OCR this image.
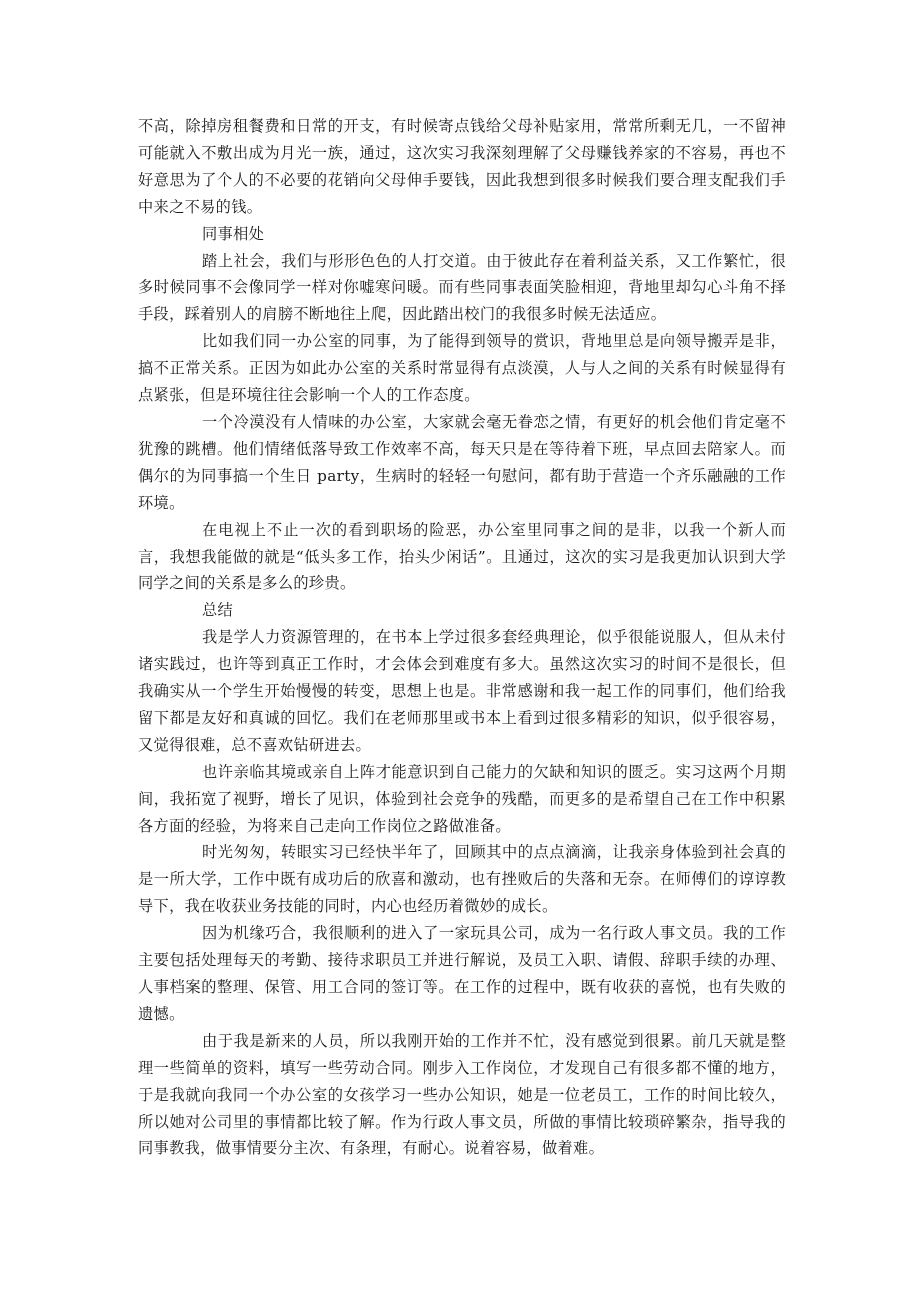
不高，除掉房租餐费和日常的开支，有时候寄点钱给父母补贴家用，常常所剩无几，一不留神可能就入不敷出成为月光一族，通过，这次实习我深刻理解了父母赚钱养家的不容易，再也不好意思为了个人的不必要的花销向父母伸手要钱，因此我想到很多时候我们要合理支配我们手中来之不易的钱。

同事相处

踏上社会，我们与形形色色的人打交道。由于彼此存在着利益关系，又工作繁忙，很多时候同事不会像同学一样对你嘘寒问暖。而有些同事表面笑脸相迎，背地里却勾心斗角不择手段，踩着别人的肩膀不断地往上爬，因此踏出校门的我很多时候无法适应。

比如我们同一办公室的同事，为了能得到领导的赏识，背地里总是向领导搬弄是非，搞不正常关系。正因为如此办公室的关系时常显得有点淡漠，人与人之间的关系有时候显得有点紧张，但是环境往往会影响一个人的工作态度。

一个冷漠没有人情味的办公室，大家就会毫无眷恋之情，有更好的机会他们肯定毫不犹豫的跳槽。他们情绪低落导致工作效率不高，每天只是在等待着下班，早点回去陪家人。而偶尔的为同事搞一个生日 party，生病时的轻轻一句慰问，都有助于营造一个齐乐融融的工作环境。

在电视上不止一次的看到职场的险恶，办公室里同事之间的是非，以我一个新人而言，我想我能做的就是“低头多工作，抬头少闲话”。且通过，这次的实习是我更加认识到大学同学之间的关系是多么的珍贵。

总结

我是学人力资源管理的，在书本上学过很多套经典理论，似乎很能说服人，但从未付诸实践过，也许等到真正工作时，才会体会到难度有多大。虽然这次实习的时间不是很长，但我确实从一个学生开始慢慢的转变，思想上也是。非常感谢和我一起工作的同事们，他们给我留下都是友好和真诚的回忆。我们在老师那里或书本上看到过很多精彩的知识，似乎很容易，又觉得很难，总不喜欢钻研进去。

也许亲临其境或亲自上阵才能意识到自己能力的欠缺和知识的匮乏。实习这两个月期间，我拓宽了视野，增长了见识，体验到社会竞争的残酷，而更多的是希望自己在工作中积累各方面的经验，为将来自己走向工作岗位之路做准备。

时光匆匆，转眼实习已经快半年了，回顾其中的点点滴滴，让我亲身体验到社会真的是一所大学，工作中既有成功后的欣喜和激动，也有挫败后的失落和无奈。在师傅们的谆谆教导下，我在收获业务技能的同时，内心也经历着微妙的成长。

因为机缘巧合，我很顺利的进入了一家玩具公司，成为一名行政人事文员。我的工作主要包括处理每天的考勤、接待求职员工并进行解说，及员工入职、请假、辞职手续的办理、人事档案的整理、保管、用工合同的签订等。在工作的过程中，既有收获的喜悦，也有失败的遗憾。

由于我是新来的人员，所以我刚开始的工作并不忙，没有感觉到很累。前几天就是整理一些简单的资料，填写一些劳动合同。刚步入工作岗位，才发现自己有很多都不懂的地方，于是我就向我同一个办公室的女孩学习一些办公知识，她是一位老员工，工作的时间比较久，所以她对公司里的事情都比较了解。作为行政人事文员，所做的事情比较琐碎繁杂，指导我的同事教我，做事情要分主次、有条理，有耐心。说着容易，做着难。
